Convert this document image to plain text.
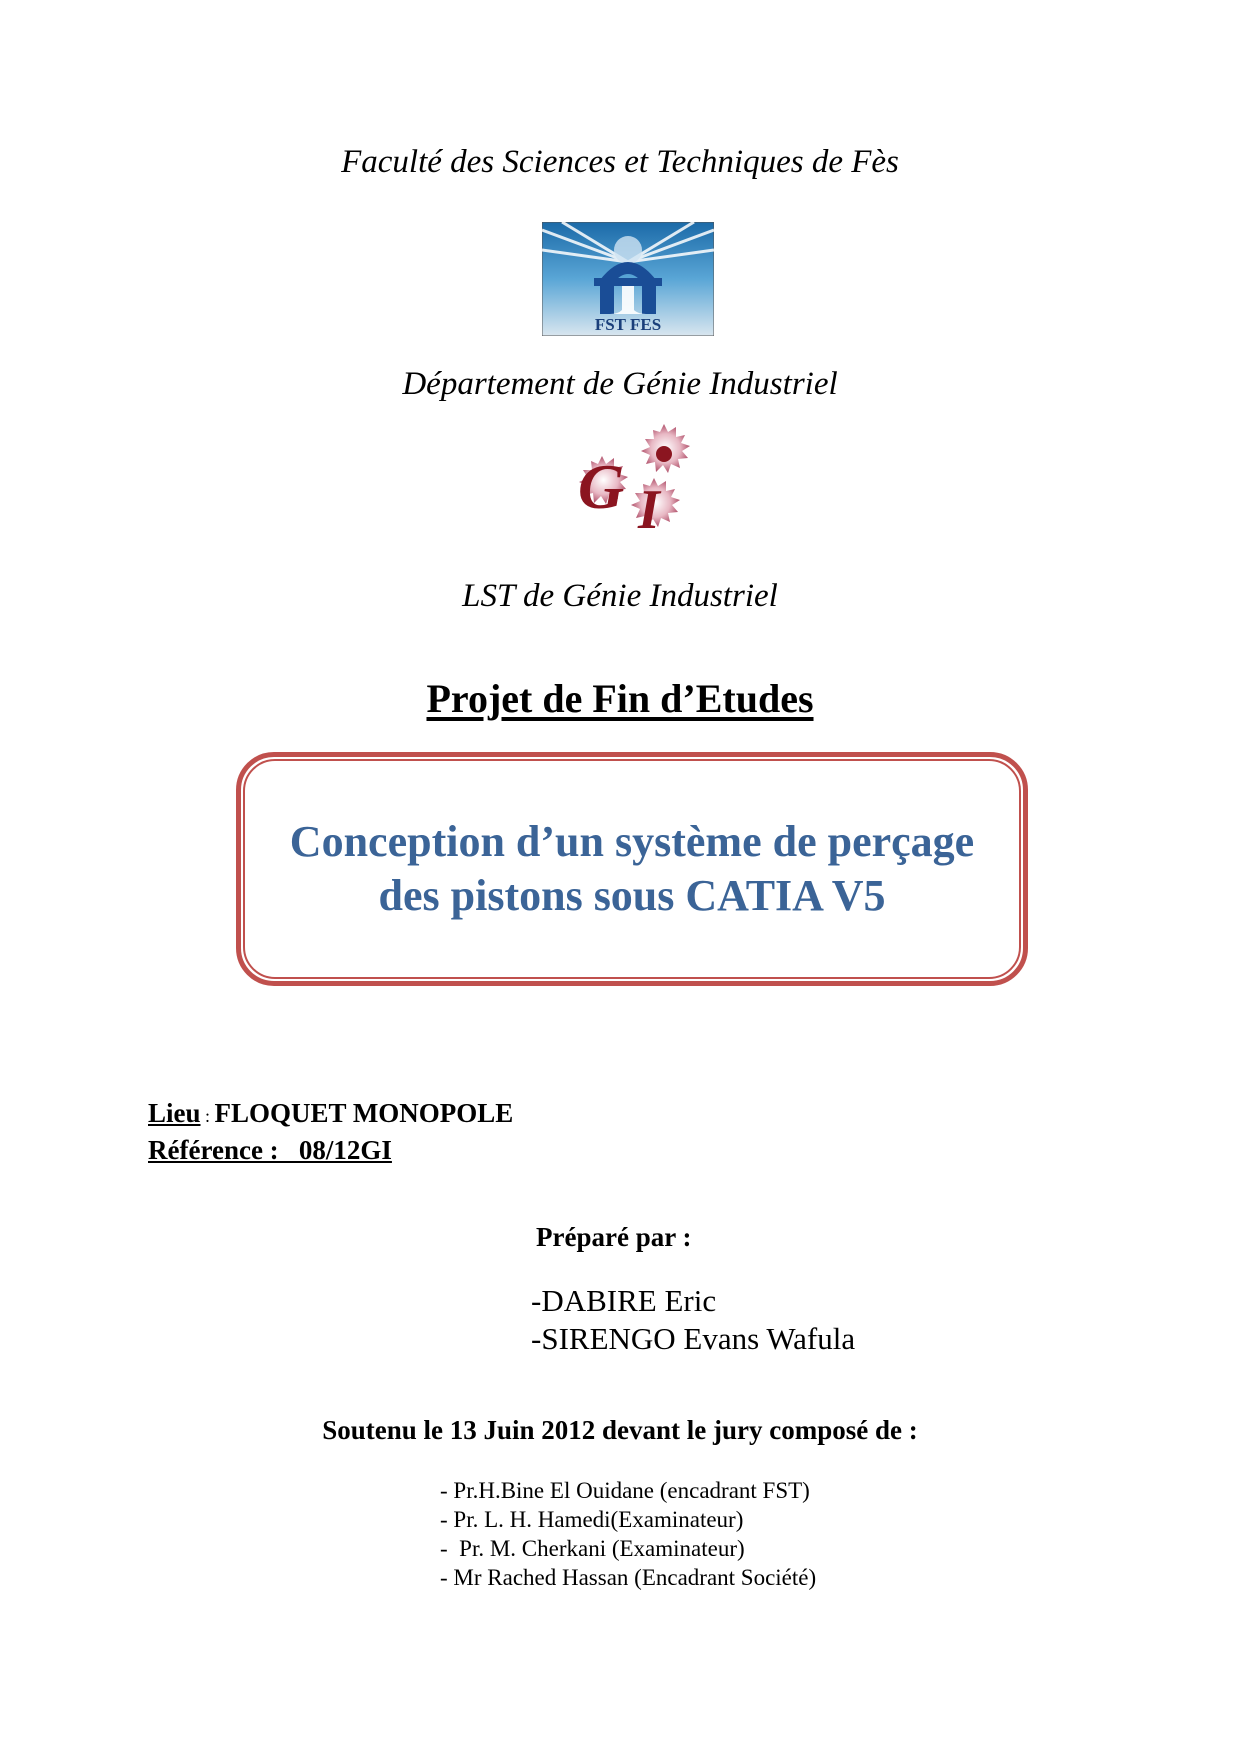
Faculté des Sciences et Techniques de Fès
FST FES
Département de Génie Industriel
G I
LST de Génie Industriel
Projet de Fin d’Etudes
Conception d’un système de perçage
des pistons sous CATIA V5
Lieu : FLOQUET MONOPOLE
Référence :   08/12GI
Préparé par :
-DABIRE Eric
-SIRENGO Evans Wafula
Soutenu le 13 Juin 2012 devant le jury composé de :
- Pr.H.Bine El Ouidane (encadrant FST)
- Pr. L. H. Hamedi(Examinateur)
-  Pr. M. Cherkani (Examinateur)
- Mr Rached Hassan (Encadrant Société)
